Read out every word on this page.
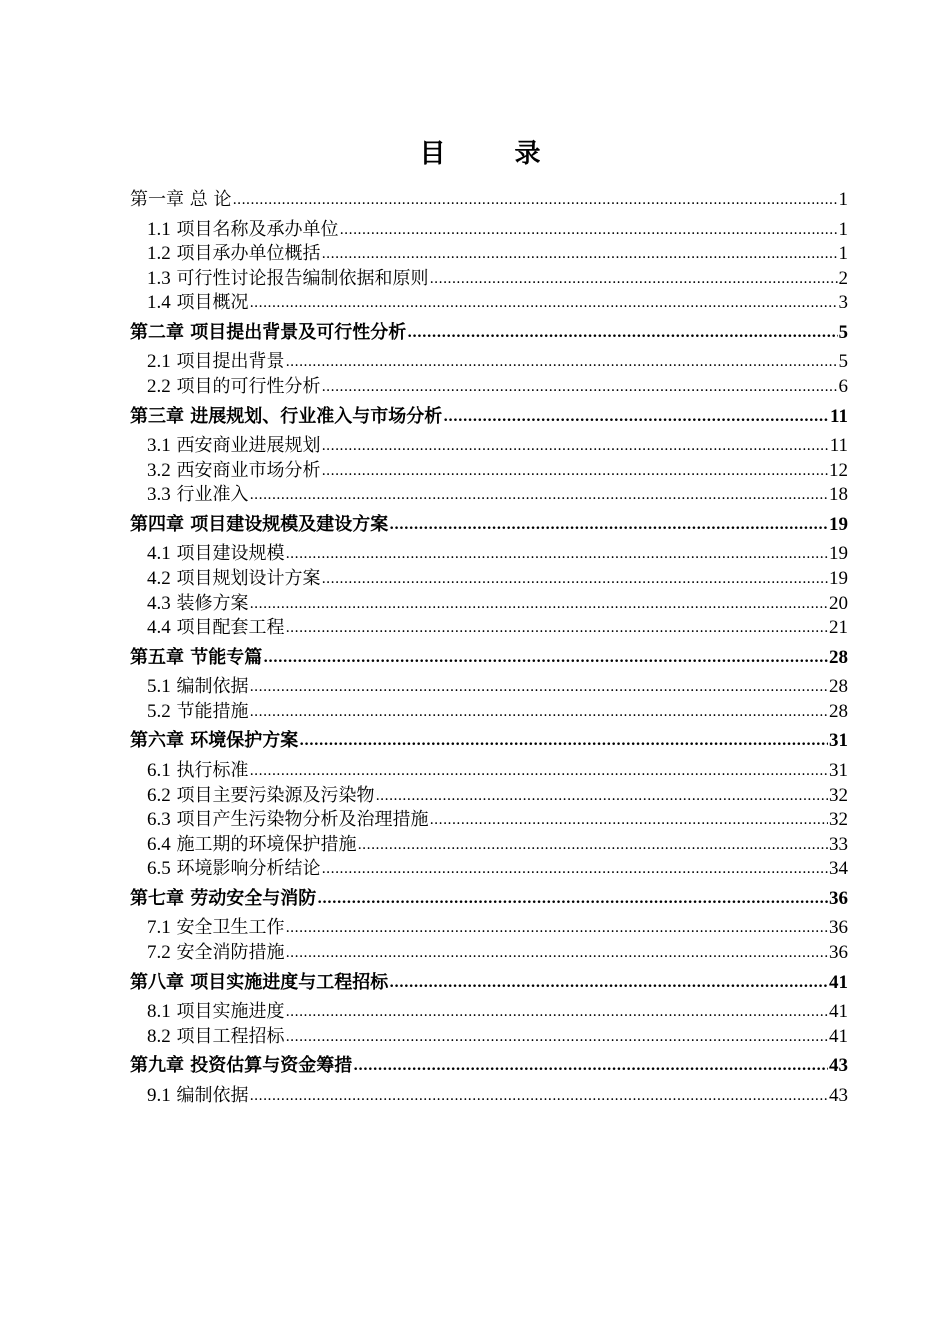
目 录
第一章 总 论 .....	1
1.1 项目名称及承办单位 .....	1
1.2 项目承办单位概括 .....	1
1.3 可行性讨论报告编制依据和原则 .....	2
1.4 项目概况 .....	3
第二章 项目提出背景及可行性分析 .....	5
2.1 项目提出背景 .....	5
2.2 项目的可行性分析 .....	6
第三章 进展规划、行业准入与市场分析 .....	11
3.1 西安商业进展规划 .....	11
3.2 西安商业市场分析 .....	12
3.3 行业准入 .....	18
第四章 项目建设规模及建设方案 .....	19
4.1 项目建设规模 .....	19
4.2 项目规划设计方案 .....	19
4.3 装修方案 .....	20
4.4 项目配套工程 .....	21
第五章 节能专篇 .....	28
5.1 编制依据 .....	28
5.2 节能措施 .....	28
第六章 环境保护方案 .....	31
6.1 执行标准 .....	31
6.2 项目主要污染源及污染物 .....	32
6.3 项目产生污染物分析及治理措施 .....	32
6.4 施工期的环境保护措施 .....	33
6.5 环境影响分析结论 .....	34
第七章 劳动安全与消防 .....	36
7.1 安全卫生工作 .....	36
7.2 安全消防措施 .....	36
第八章 项目实施进度与工程招标 .....	41
8.1 项目实施进度 .....	41
8.2 项目工程招标 .....	41
第九章 投资估算与资金筹措 .....	43
9.1 编制依据 .....	43
